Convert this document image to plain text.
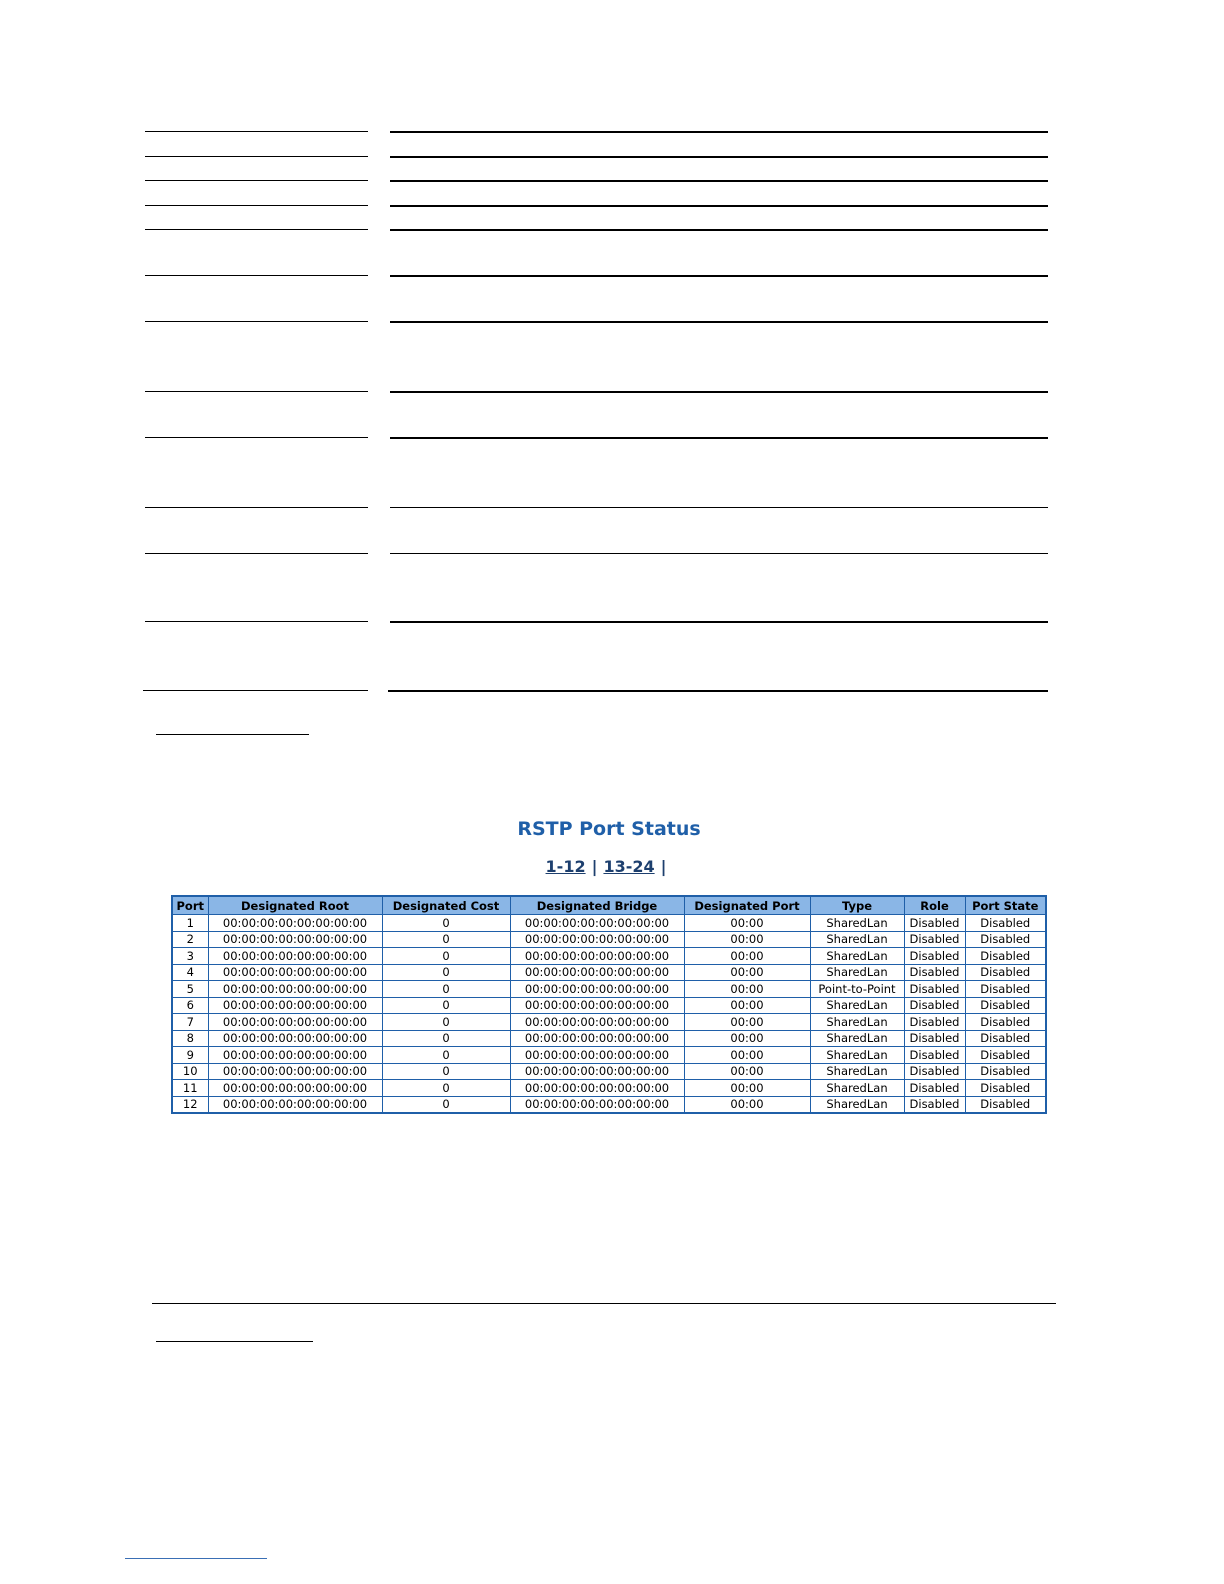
RSTP Port Status
1-12 | 13-24 |
Port	Designated Root	Designated Cost	Designated Bridge	Designated Port	Type	Role	Port State
1	00:00:00:00:00:00:00:00	0	00:00:00:00:00:00:00:00	00:00	SharedLan	Disabled	Disabled
2	00:00:00:00:00:00:00:00	0	00:00:00:00:00:00:00:00	00:00	SharedLan	Disabled	Disabled
3	00:00:00:00:00:00:00:00	0	00:00:00:00:00:00:00:00	00:00	SharedLan	Disabled	Disabled
4	00:00:00:00:00:00:00:00	0	00:00:00:00:00:00:00:00	00:00	SharedLan	Disabled	Disabled
5	00:00:00:00:00:00:00:00	0	00:00:00:00:00:00:00:00	00:00	Point-to-Point	Disabled	Disabled
6	00:00:00:00:00:00:00:00	0	00:00:00:00:00:00:00:00	00:00	SharedLan	Disabled	Disabled
7	00:00:00:00:00:00:00:00	0	00:00:00:00:00:00:00:00	00:00	SharedLan	Disabled	Disabled
8	00:00:00:00:00:00:00:00	0	00:00:00:00:00:00:00:00	00:00	SharedLan	Disabled	Disabled
9	00:00:00:00:00:00:00:00	0	00:00:00:00:00:00:00:00	00:00	SharedLan	Disabled	Disabled
10	00:00:00:00:00:00:00:00	0	00:00:00:00:00:00:00:00	00:00	SharedLan	Disabled	Disabled
11	00:00:00:00:00:00:00:00	0	00:00:00:00:00:00:00:00	00:00	SharedLan	Disabled	Disabled
12	00:00:00:00:00:00:00:00	0	00:00:00:00:00:00:00:00	00:00	SharedLan	Disabled	Disabled
